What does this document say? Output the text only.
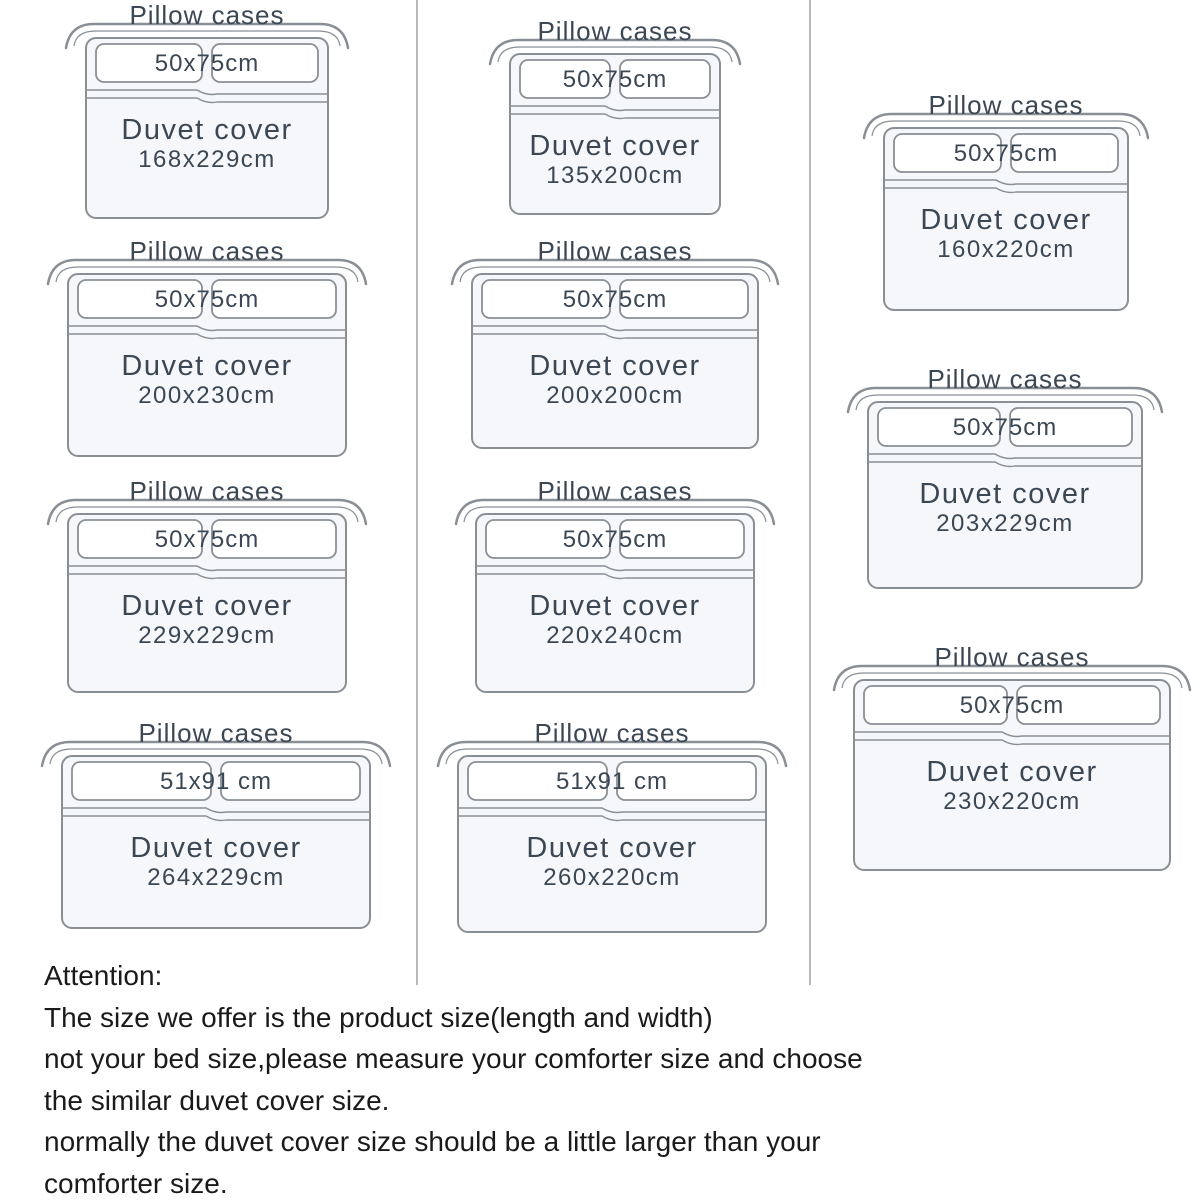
Pillow cases
50x75cm
Duvet cover
168x229cm
Pillow cases
50x75cm
Duvet cover
200x230cm
Pillow cases
50x75cm
Duvet cover
229x229cm
Pillow cases
51x91 cm
Duvet cover
264x229cm
Pillow cases
50x75cm
Duvet cover
135x200cm
Pillow cases
50x75cm
Duvet cover
200x200cm
Pillow cases
50x75cm
Duvet cover
220x240cm
Pillow cases
51x91 cm
Duvet cover
260x220cm
Pillow cases
50x75cm
Duvet cover
160x220cm
Pillow cases
50x75cm
Duvet cover
203x229cm
Pillow cases
50x75cm
Duvet cover
230x220cm
Attention:
The size we offer is the product size(length and width)
not your bed size,please measure your comforter size and choose
the similar duvet cover size.
normally the duvet cover size should be a little larger than your
comforter size.
